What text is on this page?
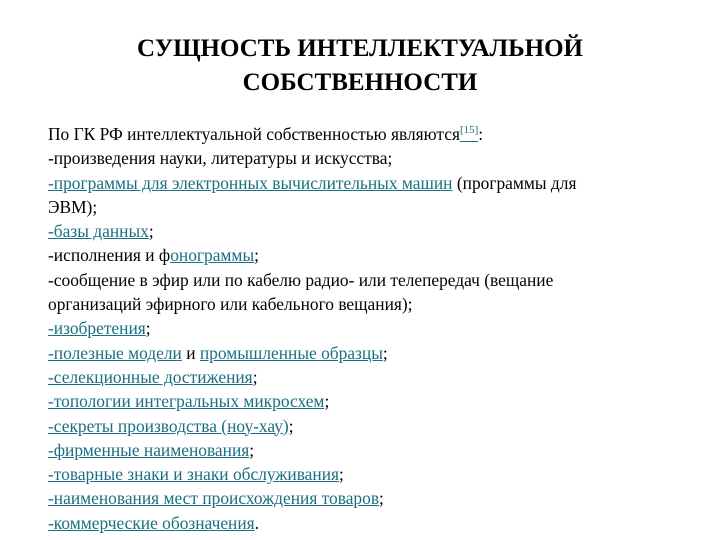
СУЩНОСТЬ ИНТЕЛЛЕКТУАЛЬНОЙ
СОБСТВЕННОСТИ
По ГК РФ интеллектуальной собственностью являются[15]:
-произведения науки, литературы и искусства;
-программы для электронных вычислительных машин (программы для
ЭВМ);
-базы данных;
-исполнения и фонограммы;
-сообщение в эфир или по кабелю радио- или телепередач (вещание
организаций эфирного или кабельного вещания);
-изобретения;
-полезные модели и промышленные образцы;
-селекционные достижения;
-топологии интегральных микросхем;
-секреты производства (ноу-хау);
-фирменные наименования;
-товарные знаки и знаки обслуживания;
-наименования мест происхождения товаров;
-коммерческие обозначения.
